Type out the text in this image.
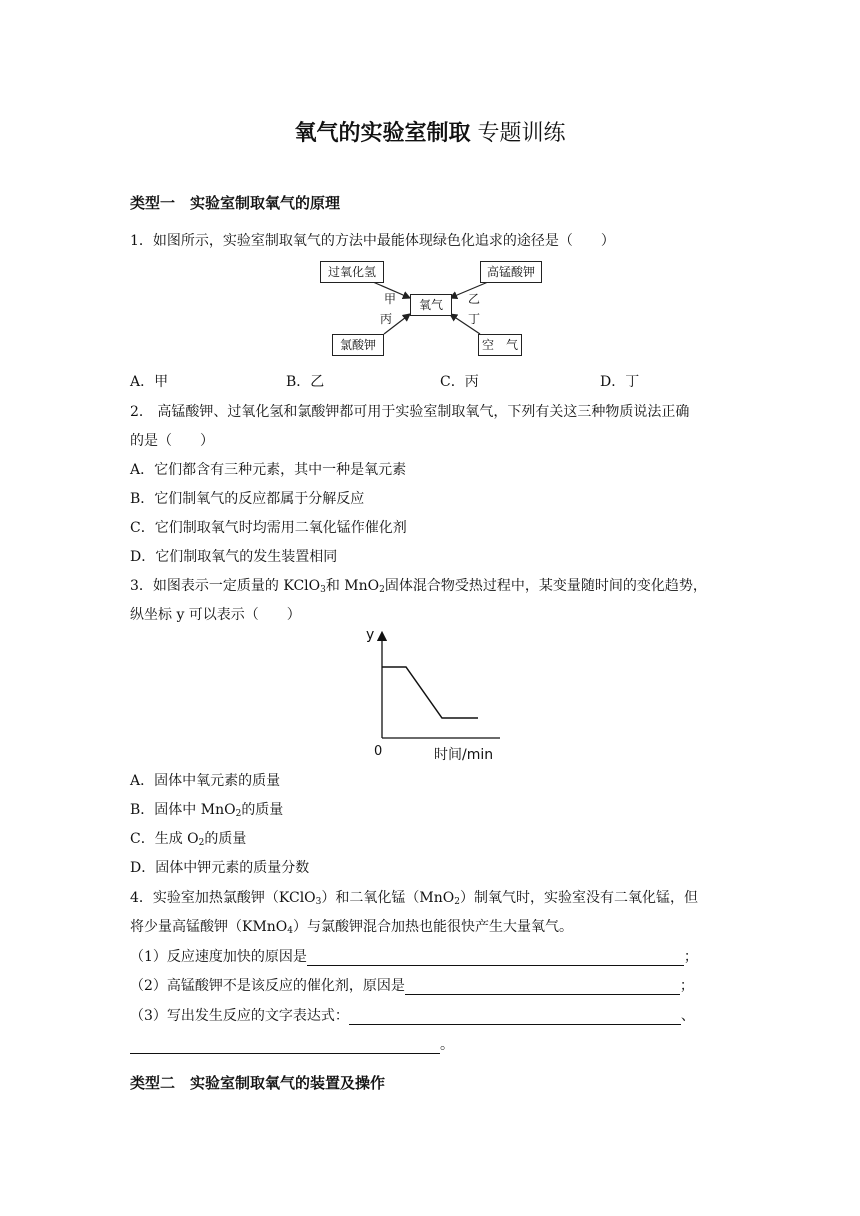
氧气的实验室制取 专题训练
类型一　实验室制取氧气的原理
1．如图所示，实验室制取氧气的方法中最能体现绿色化追求的途径是（　　）
过氧化氢	高锰酸钾
氧气
氯酸钾	空　气
甲
丙
乙
丁
A．甲	B．乙	C．丙	D．丁
2． 高锰酸钾、过氧化氢和氯酸钾都可用于实验室制取氧气，下列有关这三种物质说法正确
的是（　　）
A．它们都含有三种元素，其中一种是氧元素
B．它们制氧气的反应都属于分解反应
C．它们制取氧气时均需用二氧化锰作催化剂
D．它们制取氧气的发生装置相同
3．如图表示一定质量的 KClO$_3$和 MnO$_2$固体混合物受热过程中，某变量随时间的变化趋势，
纵坐标 y 可以表示（　　）
y
0	时间/min
A．固体中氧元素的质量
B．固体中 MnO$_2$的质量
C．生成 $O_2$的质量
D．固体中钾元素的质量分数
4．实验室加热氯酸钾（KClO$_3$）和二氧化锰（MnO$_2$）制氧气时，实验室没有二氧化锰，但
将少量高锰酸钾（KMnO$_4$）与氯酸钾混合加热也能很快产生大量氧气。
（1）反应速度加快的原因是	；
（2）高锰酸钾不是该反应的催化剂，原因是	；
（3）写出发生反应的文字表达式：	、
。
类型二　实验室制取氧气的装置及操作
